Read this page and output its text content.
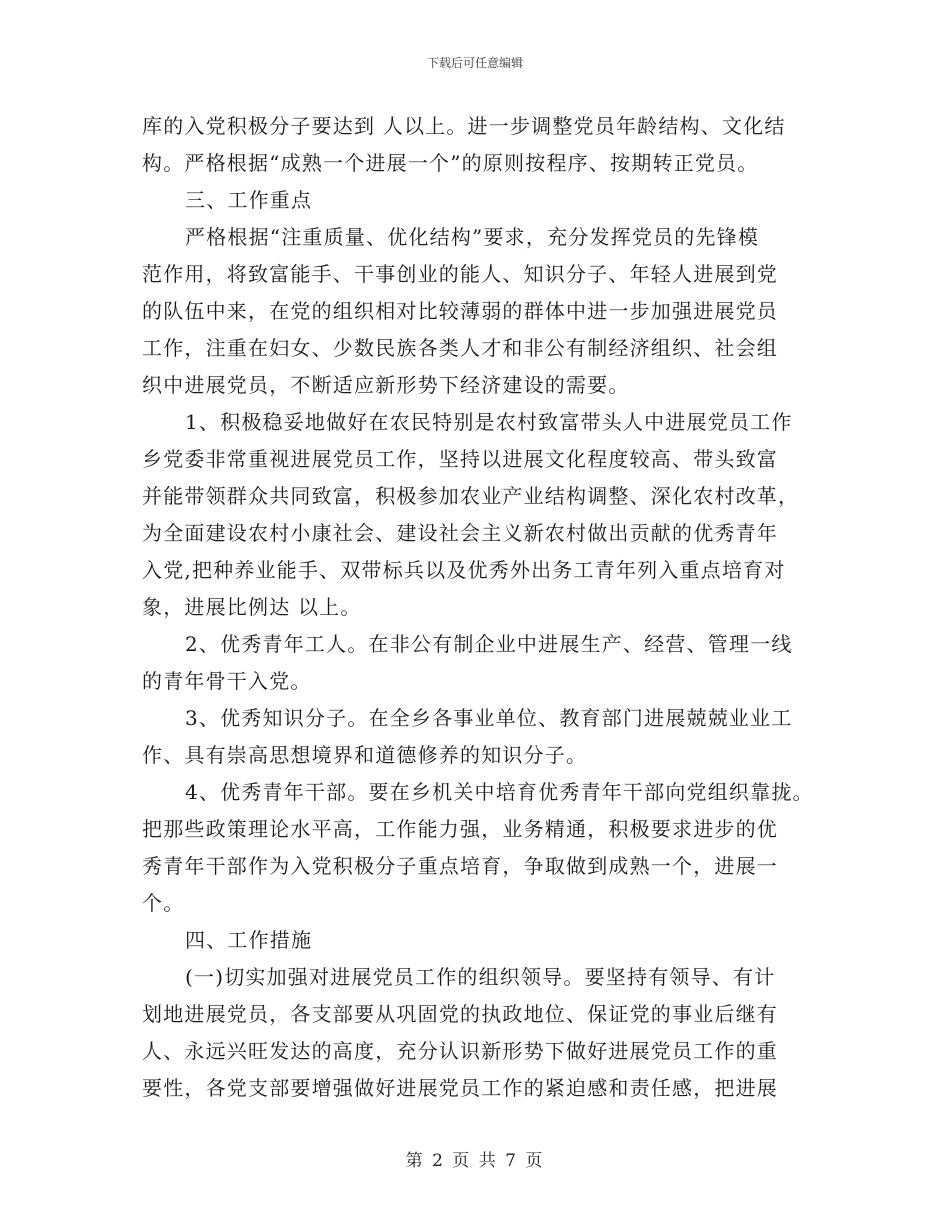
下载后可任意编辑
库的入党积极分子要达到 人以上。进一步调整党员年龄结构、文化结
构。严格根据“成熟一个进展一个”的原则按程序、按期转正党员。
三、工作重点
严格根据“注重质量、优化结构”要求，充分发挥党员的先锋模
范作用，将致富能手、干事创业的能人、知识分子、年轻人进展到党
的队伍中来，在党的组织相对比较薄弱的群体中进一步加强进展党员
工作，注重在妇女、少数民族各类人才和非公有制经济组织、社会组
织中进展党员，不断适应新形势下经济建设的需要。
1、积极稳妥地做好在农民特别是农村致富带头人中进展党员工作
乡党委非常重视进展党员工作，坚持以进展文化程度较高、带头致富
并能带领群众共同致富，积极参加农业产业结构调整、深化农村改革，
为全面建设农村小康社会、建设社会主义新农村做出贡献的优秀青年
入党,把种养业能手、双带标兵以及优秀外出务工青年列入重点培育对
象，进展比例达 以上。
2、优秀青年工人。在非公有制企业中进展生产、经营、管理一线
的青年骨干入党。
3、优秀知识分子。在全乡各事业单位、教育部门进展兢兢业业工
作、具有崇高思想境界和道德修养的知识分子。
4、优秀青年干部。要在乡机关中培育优秀青年干部向党组织靠拢。
把那些政策理论水平高，工作能力强，业务精通，积极要求进步的优
秀青年干部作为入党积极分子重点培育，争取做到成熟一个，进展一
个。
四、工作措施
(一)切实加强对进展党员工作的组织领导。要坚持有领导、有计
划地进展党员，各支部要从巩固党的执政地位、保证党的事业后继有
人、永远兴旺发达的高度，充分认识新形势下做好进展党员工作的重
要性，各党支部要增强做好进展党员工作的紧迫感和责任感，把进展
第 2 页 共 7 页
